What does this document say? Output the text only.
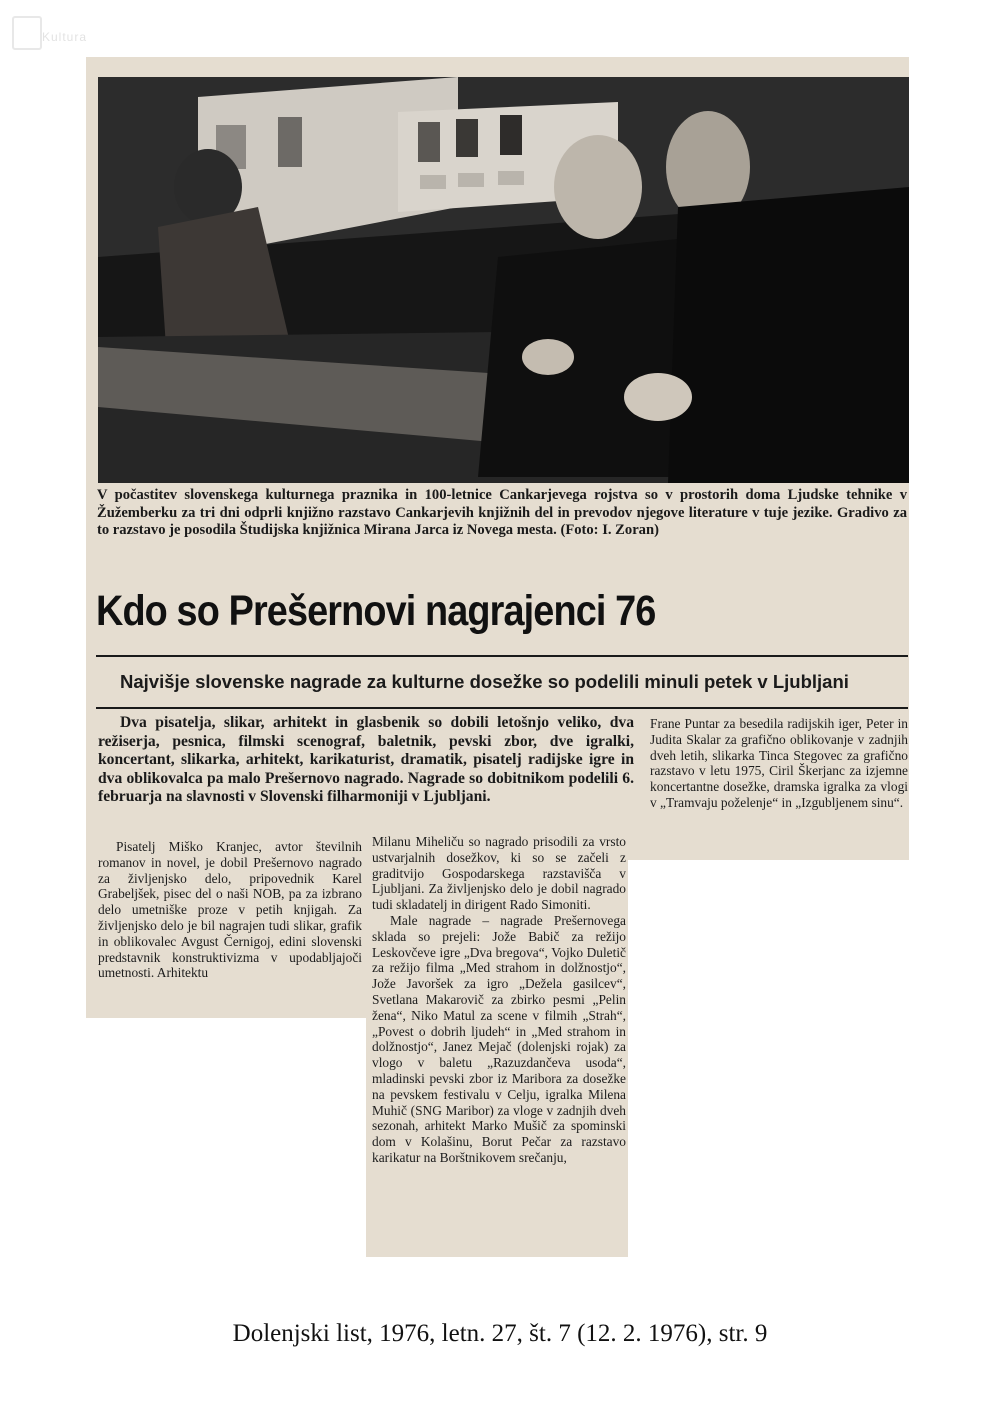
Kultura
V počastitev slovenskega kulturnega praznika in 100-letnice Cankarjevega rojstva so v prostorih doma Ljudske tehnike v Žužemberku za tri dni odprli knjižno razstavo Cankarjevih knjižnih del in prevodov njegove literature v tuje jezike. Gradivo za to razstavo je posodila Študijska knjižnica Mirana Jarca iz Novega mesta. (Foto: I. Zoran)
Kdo so Prešernovi nagrajenci 76
Najvišje slovenske nagrade za kulturne dosežke so podelili minuli petek v Ljubljani
Dva pisatelja, slikar, arhitekt in glasbenik so dobili letošnjo veliko, dva režiserja, pesnica, filmski scenograf, baletnik, pevski zbor, dve igralki, koncertant, slikarka, arhitekt, karikaturist, dramatik, pisatelj radijske igre in dva oblikovalca pa malo Prešernovo nagrado. Nagrade so dobitnikom podelili 6. februarja na slavnosti v Slovenski filharmoniji v Ljubljani.

Frane Puntar za besedila radijskih iger, Peter in Judita Skalar za grafično oblikovanje v zadnjih dveh letih, slikarka Tinca Stegovec za grafično razstavo v letu 1975, Ciril Škerjanc za izjemne koncertantne dosežke, dramska igralka za vlogi v „Tramvaju poželenje“ in „Izgubljenem sinu“.

Pisatelj Miško Kranjec, avtor številnih romanov in novel, je dobil Prešernovo nagrado za življenjsko delo, pripovednik Karel Grabeljšek, pisec del o naši NOB, pa za izbrano delo umetniške proze v petih knjigah. Za življenjsko delo je bil nagrajen tudi slikar, grafik in oblikovalec Avgust Černigoj, edini slovenski predstavnik konstruktivizma v upodabljajoči umetnosti. Arhitektu

Milanu Miheliču so nagrado prisodili za vrsto ustvarjalnih dosežkov, ki so se začeli z graditvijo Gospodarskega razstavišča v Ljubljani. Za življenjsko delo je dobil nagrado tudi skladatelj in dirigent Rado Simoniti.

Male nagrade – nagrade Prešernovega sklada so prejeli: Jože Babič za režijo Leskovčeve igre „Dva bregova“, Vojko Duletič za režijo filma „Med strahom in dolžnostjo“, Jože Javoršek za igro „Dežela gasilcev“, Svetlana Makarovič za zbirko pesmi „Pelin žena“, Niko Matul za scene v filmih „Strah“, „Povest o dobrih ljudeh“ in „Med strahom in dolžnostjo“, Janez Mejač (dolenjski rojak) za vlogo v baletu „Razuzdančeva usoda“, mladinski pevski zbor iz Maribora za dosežke na pevskem festivalu v Celju, igralka Milena Muhič (SNG Maribor) za vloge v zadnjih dveh sezonah, arhitekt Marko Mušič za spominski dom v Kolašinu, Borut Pečar za razstavo karikatur na Borštnikovem srečanju,

Dolenjski list, 1976, letn. 27, št. 7 (12. 2. 1976), str. 9
